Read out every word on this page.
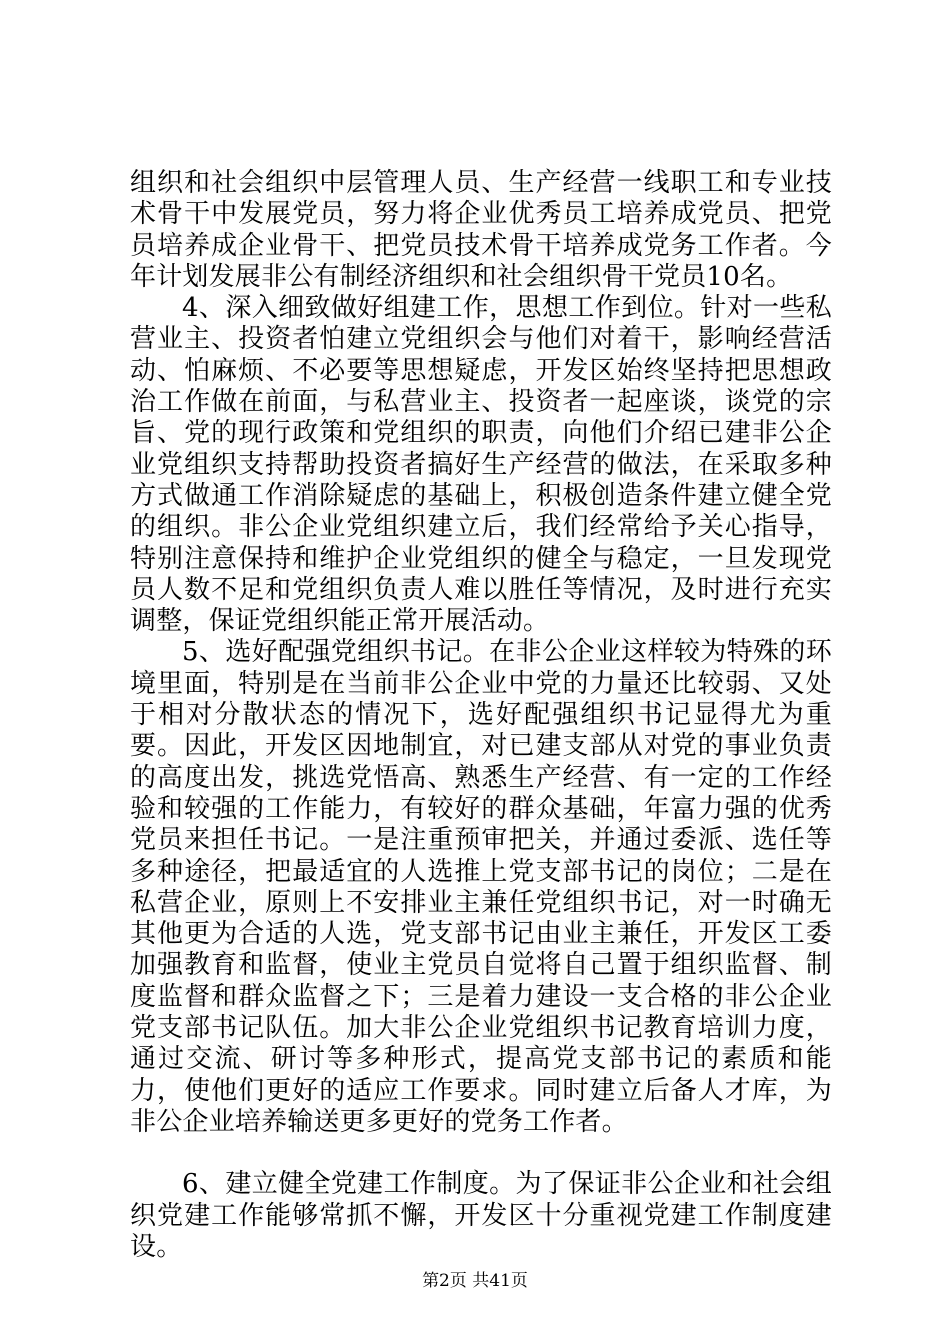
组织和社会组织中层管理人员、生产经营一线职工和专业技术骨干中发展党员，努力将企业优秀员工培养成党员、把党员培养成企业骨干、把党员技术骨干培养成党务工作者。今年计划发展非公有制经济组织和社会组织骨干党员10名。

4、深入细致做好组建工作，思想工作到位。针对一些私营业主、投资者怕建立党组织会与他们对着干，影响经营活动、怕麻烦、不必要等思想疑虑，开发区始终坚持把思想政治工作做在前面，与私营业主、投资者一起座谈，谈党的宗旨、党的现行政策和党组织的职责，向他们介绍已建非公企业党组织支持帮助投资者搞好生产经营的做法，在采取多种方式做通工作消除疑虑的基础上，积极创造条件建立健全党的组织。非公企业党组织建立后，我们经常给予关心指导，特别注意保持和维护企业党组织的健全与稳定，一旦发现党员人数不足和党组织负责人难以胜任等情况，及时进行充实调整，保证党组织能正常开展活动。

5、选好配强党组织书记。在非公企业这样较为特殊的环境里面，特别是在当前非公企业中党的力量还比较弱、又处于相对分散状态的情况下，选好配强组织书记显得尤为重要。因此，开发区因地制宜，对已建支部从对党的事业负责的高度出发，挑选党悟高、熟悉生产经营、有一定的工作经验和较强的工作能力，有较好的群众基础，年富力强的优秀党员来担任书记。一是注重预审把关，并通过委派、选任等多种途径，把最适宜的人选推上党支部书记的岗位；二是在私营企业，原则上不安排业主兼任党组织书记，对一时确无其他更为合适的人选，党支部书记由业主兼任，开发区工委加强教育和监督，使业主党员自觉将自己置于组织监督、制度监督和群众监督之下；三是着力建设一支合格的非公企业党支部书记队伍。加大非公企业党组织书记教育培训力度，通过交流、研讨等多种形式，提高党支部书记的素质和能力，使他们更好的适应工作要求。同时建立后备人才库，为非公企业培养输送更多更好的党务工作者。

6、建立健全党建工作制度。为了保证非公企业和社会组织党建工作能够常抓不懈，开发区十分重视党建工作制度建设。

第2页 共41页
